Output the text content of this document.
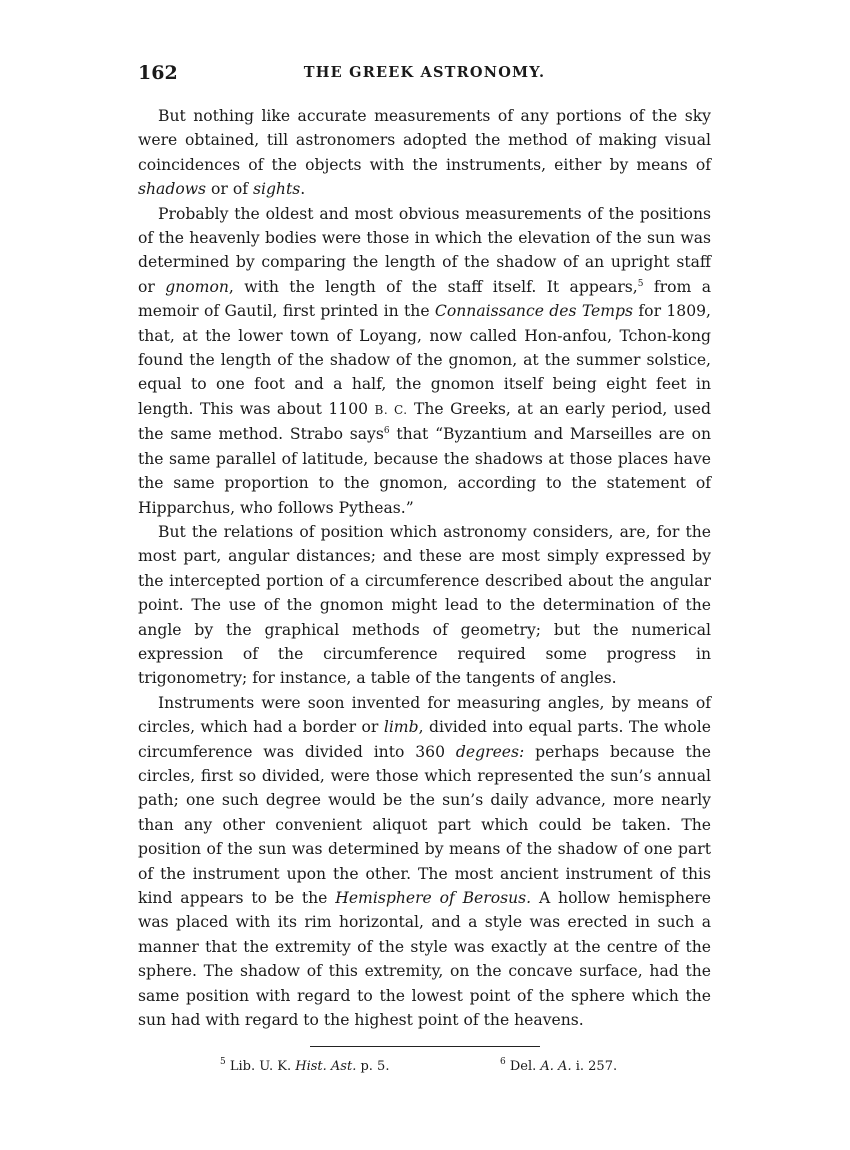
162	THE GREEK ASTRONOMY.

But nothing like accurate measurements of any portions of the sky were obtained, till astronomers adopted the method of making visual coincidences of the objects with the instruments, either by means of shadows or of sights.

Probably the oldest and most obvious measurements of the positions of the heavenly bodies were those in which the elevation of the sun was determined by comparing the length of the shadow of an upright staff or gnomon, with the length of the staff itself. It appears,$^5$ from a memoir of Gautil, first printed in the Connaissance des Temps for 1809, that, at the lower town of Loyang, now called Hon-anfou, Tchon-kong found the length of the shadow of the gnomon, at the summer solstice, equal to one foot and a half, the gnomon itself being eight feet in length. This was about 1100 B. C. The Greeks, at an early period, used the same method. Strabo says$^6$ that “Byzantium and Marseilles are on the same parallel of latitude, because the shadows at those places have the same proportion to the gnomon, according to the statement of Hipparchus, who follows Pytheas.”

But the relations of position which astronomy considers, are, for the most part, angular distances; and these are most simply expressed by the intercepted portion of a circumference described about the angular point. The use of the gnomon might lead to the determination of the angle by the graphical methods of geometry; but the numerical expression of the circumference required some progress in trigonometry; for instance, a table of the tangents of angles.

Instruments were soon invented for measuring angles, by means of circles, which had a border or limb, divided into equal parts. The whole circumference was divided into 360 degrees: perhaps because the circles, first so divided, were those which represented the sun’s annual path; one such degree would be the sun’s daily advance, more nearly than any other convenient aliquot part which could be taken. The position of the sun was determined by means of the shadow of one part of the instrument upon the other. The most ancient instrument of this kind appears to be the Hemisphere of Berosus. A hollow hemisphere was placed with its rim horizontal, and a style was erected in such a manner that the extremity of the style was exactly at the centre of the sphere. The shadow of this extremity, on the concave surface, had the same position with regard to the lowest point of the sphere which the sun had with regard to the highest point of the heavens.

$^5$ Lib. U. K. Hist. Ast. p. 5.	$^6$ Del. A. A. i. 257.
